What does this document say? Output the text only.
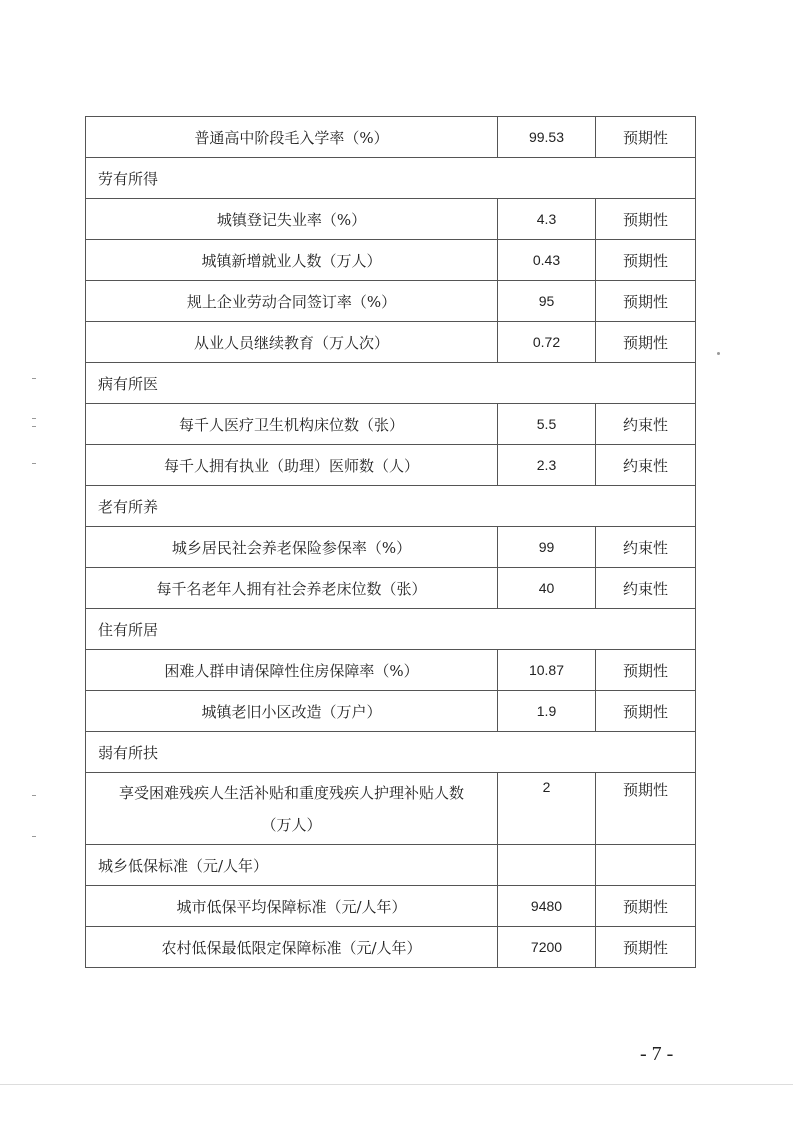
普通高中阶段毛入学率（%）	99.53	预期性
劳有所得		
城镇登记失业率（%）	4.3	预期性
城镇新增就业人数（万人）	0.43	预期性
规上企业劳动合同签订率（%）	95	预期性
从业人员继续教育（万人次）	0.72	预期性
病有所医		
每千人医疗卫生机构床位数（张）	5.5	约束性
每千人拥有执业（助理）医师数（人）	2.3	约束性
老有所养		
城乡居民社会养老保险参保率（%）	99	约束性
每千名老年人拥有社会养老床位数（张）	40	约束性
住有所居		
困难人群申请保障性住房保障率（%）	10.87	预期性
城镇老旧小区改造（万户）	1.9	预期性
弱有所扶		
享受困难残疾人生活补贴和重度残疾人护理补贴人数（万人）	2	预期性
城乡低保标准（元/人年）		
城市低保平均保障标准（元/人年）	9480	预期性
农村低保最低限定保障标准（元/人年）	7200	预期性
- 7 -
